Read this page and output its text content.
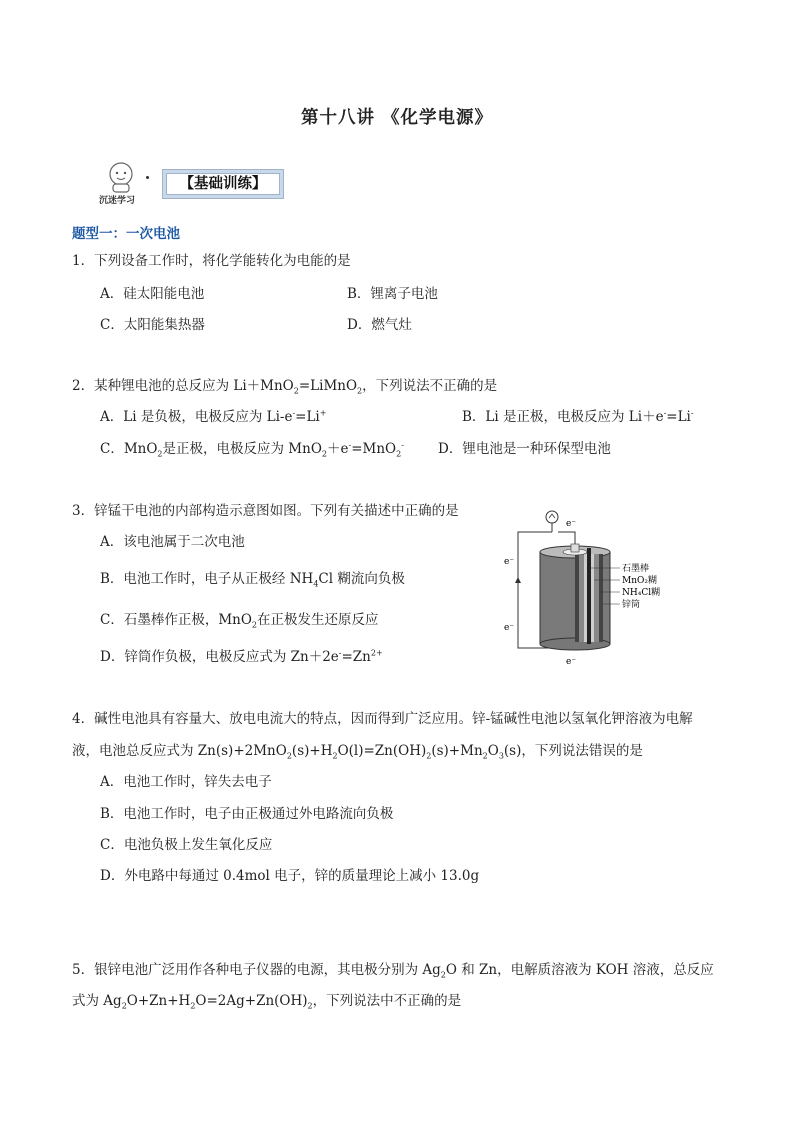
第十八讲 《化学电源》
沉迷学习
【基础训练】
题型一：一次电池
1．下列设备工作时，将化学能转化为电能的是
A．硅太阳能电池	B．锂离子电池
C．太阳能集热器	D．燃气灶
2．某种锂电池的总反应为 Li＋MnO$_2$=LiMnO$_2$，下列说法不正确的是
A．Li 是负极，电极反应为 Li-e-=Li+	B．Li 是正极，电极反应为 Li＋e-=Li-
C．MnO$_2$是正极，电极反应为 MnO$_2$＋e-=MnO$_2$-	D．锂电池是一种环保型电池
3．锌锰干电池的内部构造示意图如图。下列有关描述中正确的是
A．该电池属于二次电池
B．电池工作时，电子从正极经 $NH_4Cl$ 糊流向负极
C．石墨棒作正极，MnO$_2$在正极发生还原反应
D．锌筒作负极，电极反应式为 $Zn+2e^-=Zn^{2+}$
石墨棒
MnO₂糊
NH₄Cl糊
锌筒
e⁻
e⁻
e⁻
e⁻
4．碱性电池具有容量大、放电电流大的特点，因而得到广泛应用。锌-锰碱性电池以氢氧化钾溶液为电解
液，电池总反应式为 $Zn(s)+2MnO_2(s)+H_2O(l)=Zn(OH)_2(s)+Mn_2O_3(s)$，下列说法错误的是
A．电池工作时，锌失去电子
B．电池工作时，电子由正极通过外电路流向负极
C．电池负极上发生氧化反应
D．外电路中每通过 0.4mol 电子，锌的质量理论上减小 13.0g
5．银锌电池广泛用作各种电子仪器的电源，其电极分别为 $Ag_2O$ 和 Zn，电解质溶液为 KOH 溶液，总反应
式为 $Ag_2O+Zn+H_2O=2Ag+Zn(OH)_2$，下列说法中不正确的是
